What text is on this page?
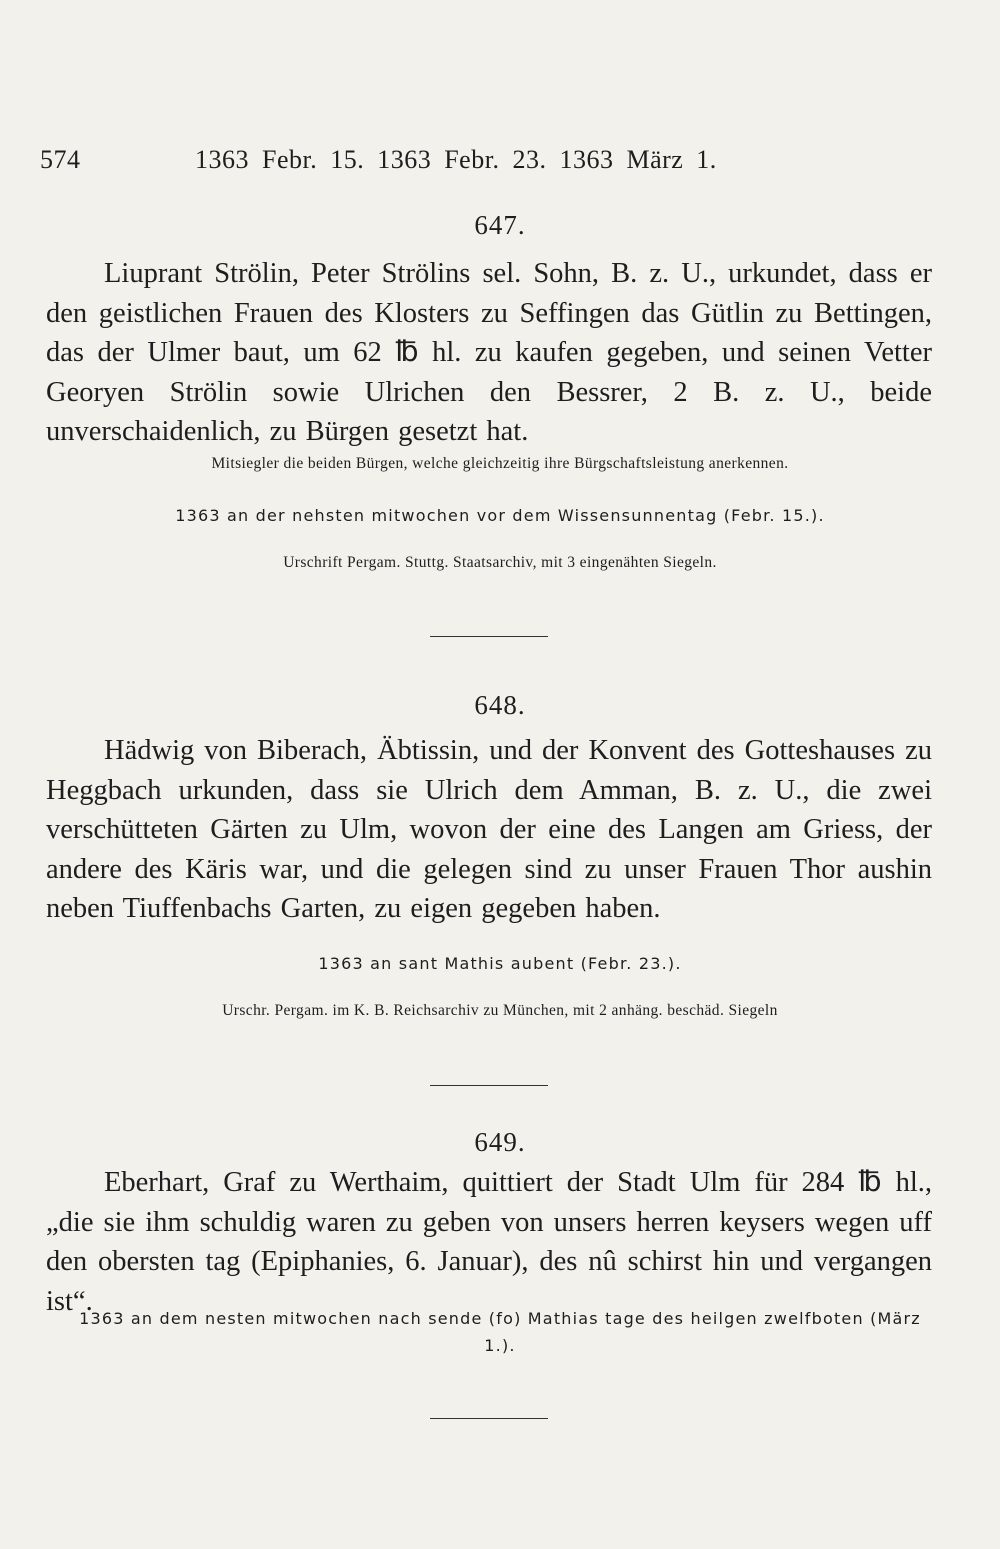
574	1363 Febr. 15. 1363 Febr. 23. 1363 März 1.
647.
Liuprant Strölin, Peter Strölins sel. Sohn, B. z. U., urkundet, dass er den geistlichen Frauen des Klosters zu Seffingen das Gütlin zu Bettingen, das der Ulmer baut, um 62 ℔ hl. zu kaufen gegeben, und seinen Vetter Georyen Strölin sowie Ulrichen den Bessrer, 2 B. z. U., beide unverschaidenlich, zu Bürgen gesetzt hat.
Mitsiegler die beiden Bürgen, welche gleichzeitig ihre Bürgschaftsleistung anerkennen.
1363 an der nehsten mitwochen vor dem Wissensunnentag (Febr. 15.).
Urschrift Pergam. Stuttg. Staatsarchiv, mit 3 eingenähten Siegeln.
648.
Hädwig von Biberach, Äbtissin, und der Konvent des Gotteshauses zu Heggbach urkunden, dass sie Ulrich dem Amman, B. z. U., die zwei verschütteten Gärten zu Ulm, wovon der eine des Langen am Griess, der andere des Käris war, und die gelegen sind zu unser Frauen Thor aushin neben Tiuffenbachs Garten, zu eigen gegeben haben.
1363 an sant Mathis aubent (Febr. 23.).
Urschr. Pergam. im K. B. Reichsarchiv zu München, mit 2 anhäng. beschäd. Siegeln
649.
Eberhart, Graf zu Werthaim, quittiert der Stadt Ulm für 284 ℔ hl., „die sie ihm schuldig waren zu geben von unsers herren keysers wegen uff den obersten tag (Epiphanies, 6. Januar), des nû schirst hin und vergangen ist“.
1363 an dem nesten mitwochen nach sende (fo) Mathias tage des heilgen zwelfboten (März 1.).
